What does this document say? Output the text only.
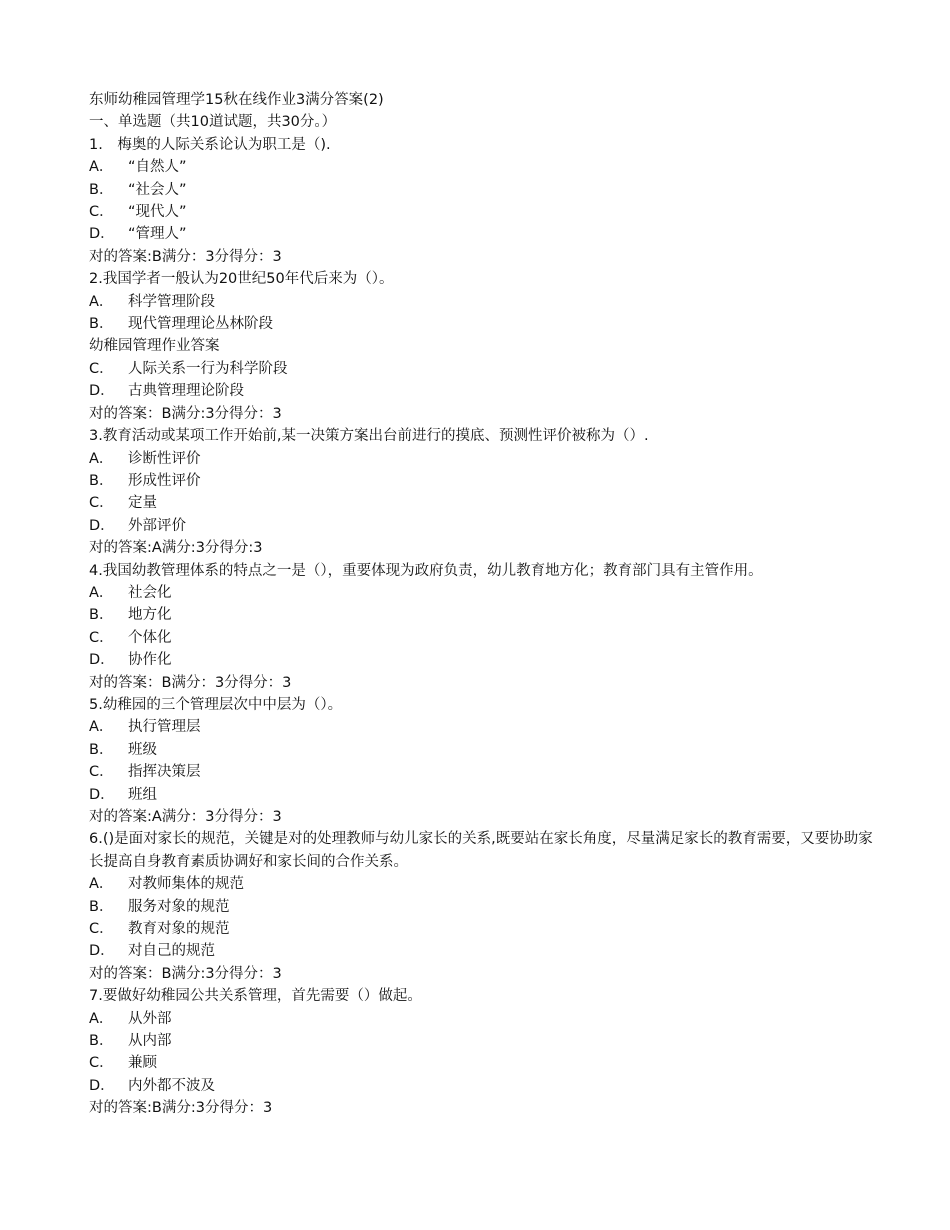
东师幼稚园管理学15秋在线作业3满分答案(2)
一、单选题（共10道试题，共30分。）
1.　梅奥的人际关系论认为职工是（).
A．	“自然人”
B．	“社会人”
C． “现代人”
D． “管理人”
对的答案:B满分：3分得分：3
2.我国学者一般认为20世纪50年代后来为（）。
A．	科学管理阶段
B．	现代管理理论丛林阶段
幼稚园管理作业答案
C． 人际关系一行为科学阶段
D． 古典管理理论阶段
对的答案：B满分:3分得分：3
3.教育活动或某项工作开始前,某一决策方案出台前进行的摸底、预测性评价被称为（）.
A．	诊断性评价
B．	形成性评价
C． 定量
D． 外部评价
对的答案:A满分:3分得分:3
4.我国幼教管理体系的特点之一是（），重要体现为政府负责，幼儿教育地方化；教育部门具有主管作用。
A．	社会化
B．	地方化
C． 个体化
D． 协作化
对的答案：B满分：3分得分：3
5.幼稚园的三个管理层次中中层为（）。
A．	执行管理层
B．	班级
C． 指挥决策层
D． 班组
对的答案:A满分：3分得分：3
6.()是面对家长的规范，关键是对的处理教师与幼儿家长的关系,既要站在家长角度，尽量满足家长的教育需要，又要协助家长提高自身教育素质协调好和家长间的合作关系。
A．	对教师集体的规范
B．	服务对象的规范
C． 教育对象的规范
D． 对自己的规范
对的答案：B满分:3分得分：3
7.要做好幼稚园公共关系管理，首先需要（）做起。
A．	从外部
B．	从内部
C． 兼顾
D． 内外都不波及
对的答案:B满分:3分得分：3
